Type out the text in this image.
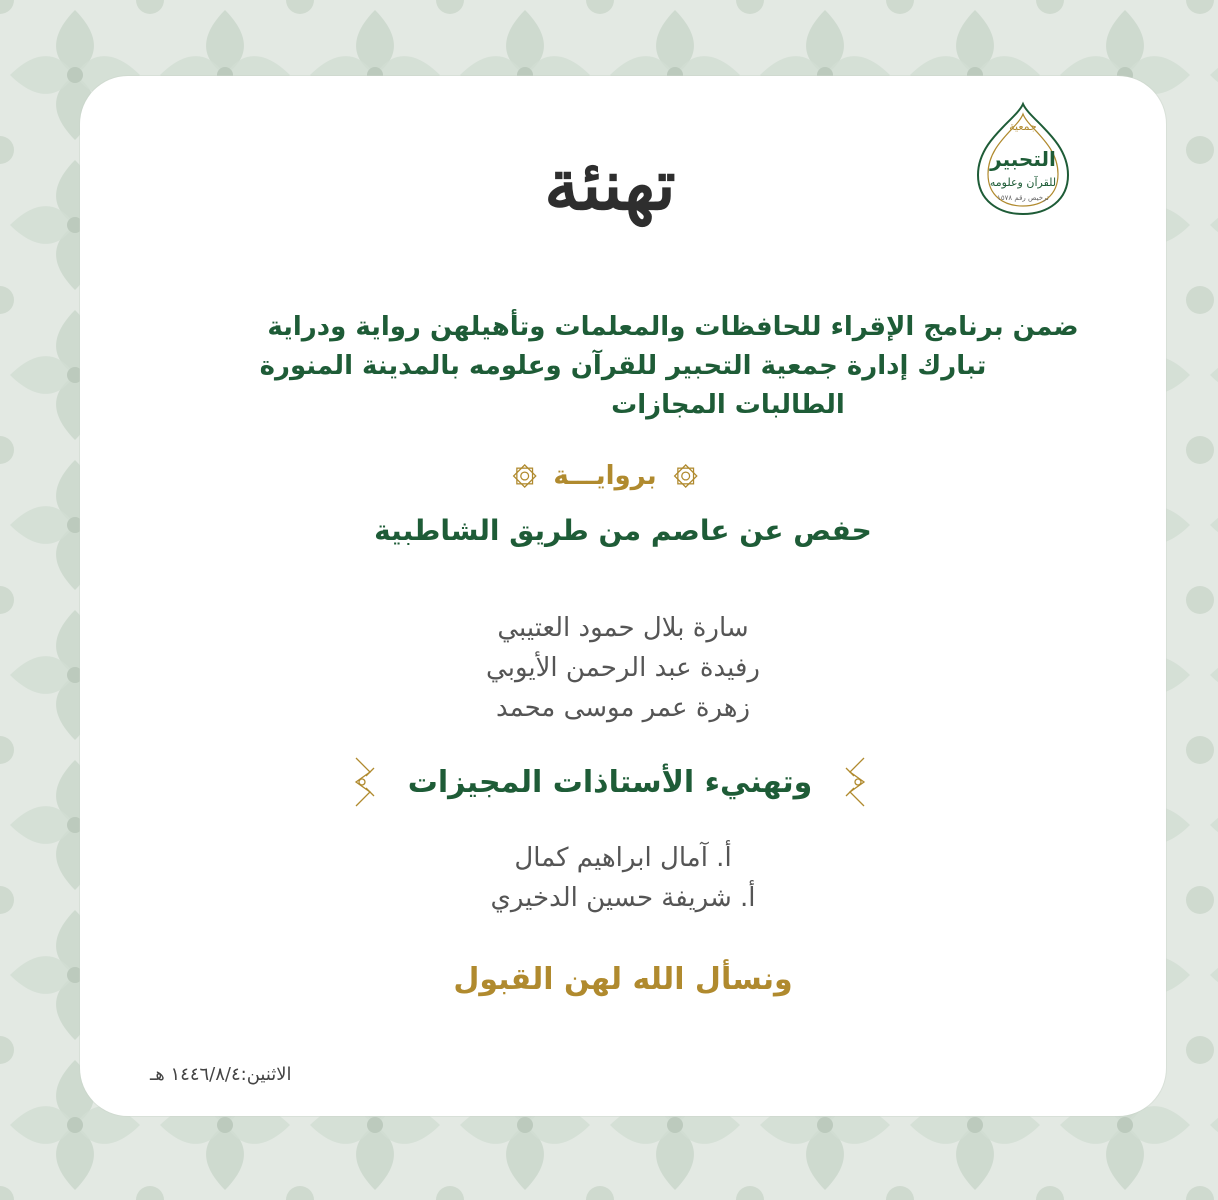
جمعية
التحبير
للقرآن وعلومه
ترخيص رقم ١٥٧٨
تهنئة
ضمن برنامج الإقراء للحافظات والمعلمات وتأهيلهن رواية ودراية
تبارك إدارة جمعية التحبير للقرآن وعلومه بالمدينة المنورة
الطالبات المجازات
بروايـــة
حفص عن عاصم من طريق الشاطبية
سارة بلال حمود العتيبي
رفيدة عبد الرحمن الأيوبي
زهرة عمر موسى محمد
وتهنيء الأستاذات المجيزات
أ. آمال ابراهيم كمال
أ. شريفة حسين الدخيري
ونسأل الله لهن القبول
الاثنين:١٤٤٦/٨/٤ هـ
